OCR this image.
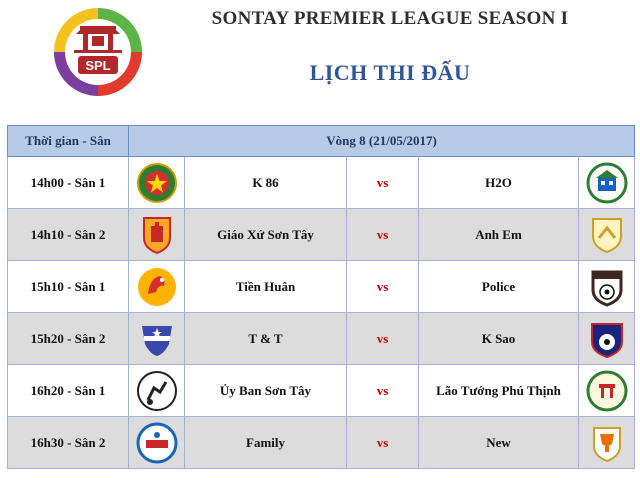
SPL
SONTAY PREMIER LEAGUE SEASON I
LỊCH THI ĐẤU
Thời gian - Sân	Vòng 8 (21/05/2017)				
14h00 - Sân 1		K 86	vs	H2O	
14h10 - Sân 2		Giáo Xứ Sơn Tây	vs	Anh Em	
15h10 - Sân 1		Tiền Huân	vs	Police	
15h20 - Sân 2		T & T	vs	K Sao	
16h20 - Sân 1		Ủy Ban Sơn Tây	vs	Lão Tướng Phú Thịnh	
16h30 - Sân 2		Family	vs	New	
